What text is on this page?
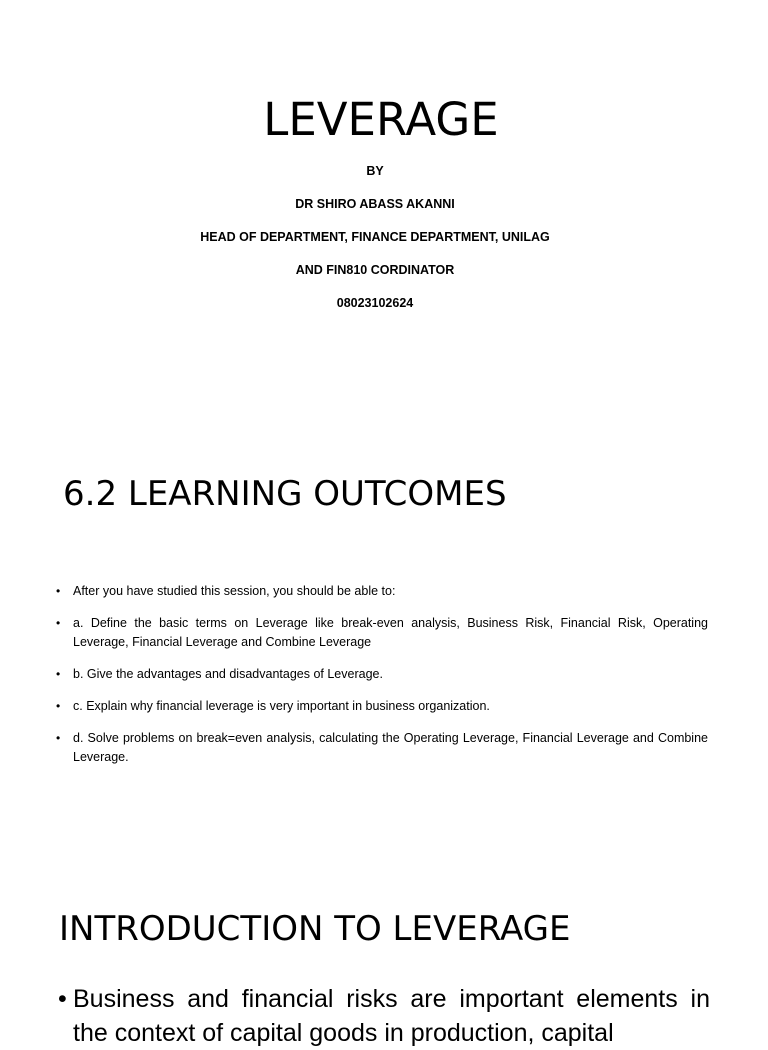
LEVERAGE
BY
DR SHIRO ABASS AKANNI
HEAD OF DEPARTMENT, FINANCE DEPARTMENT, UNILAG
AND FIN810 CORDINATOR
08023102624
6.2 LEARNING OUTCOMES
• After you have studied this session, you should be able to:
• a. Define the basic terms on Leverage like break-even analysis, Business Risk, Financial Risk, Operating Leverage, Financial Leverage and Combine Leverage
• b. Give the advantages and disadvantages of Leverage.
• c. Explain why financial leverage is very important in business organization.
• d. Solve problems on break=even analysis, calculating the Operating Leverage, Financial Leverage and Combine Leverage.
INTRODUCTION TO LEVERAGE
• Business and financial risks are important elements in the context of capital goods in production, capital
